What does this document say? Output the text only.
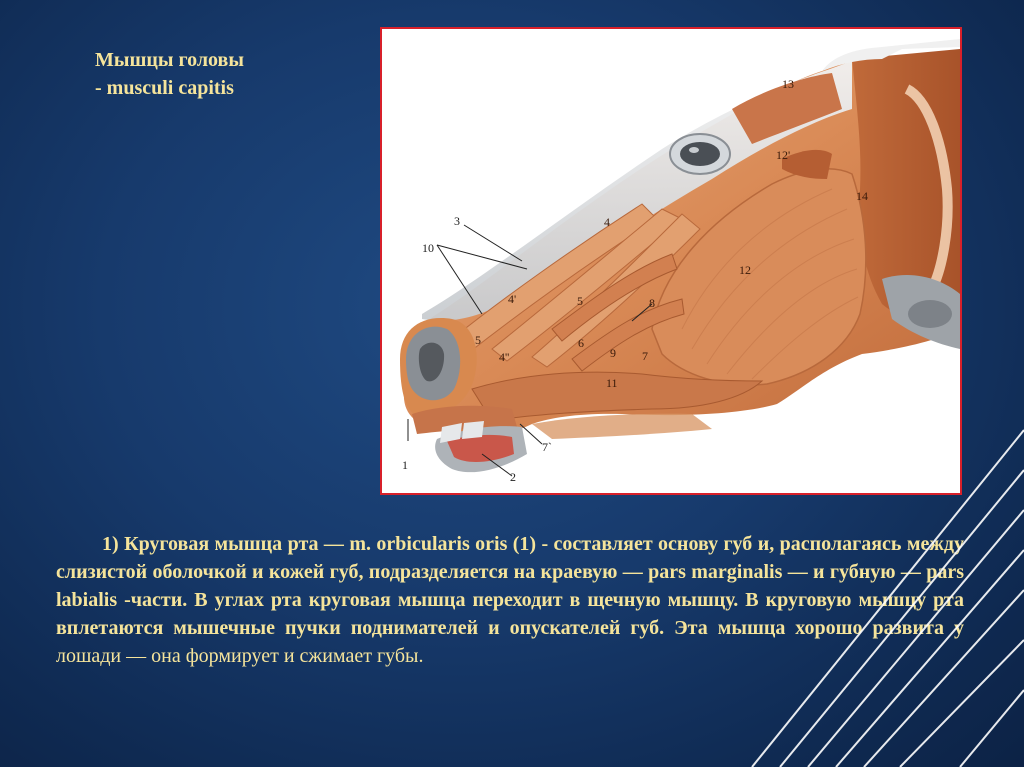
Мышцы головы
- musculi capitis
3
10
4
4'	5
5
4''
6
8
9 7
11
12
12'
13
14
1
2
7`

1) Круговая мышца рта — m. orbicularis oris (1) - составляет основу губ и, располагаясь между слизистой оболочкой и кожей губ, подразделяется на краевую — pars marginalis — и губную — pars labialis -части. В углах рта круговая мышца переходит в щечную мышцу. В круговую мышцу рта вплетаются мышечные пучки поднимателей и опускателей губ. Эта мышца хорошо развита у лошади — она формирует и сжимает губы.
